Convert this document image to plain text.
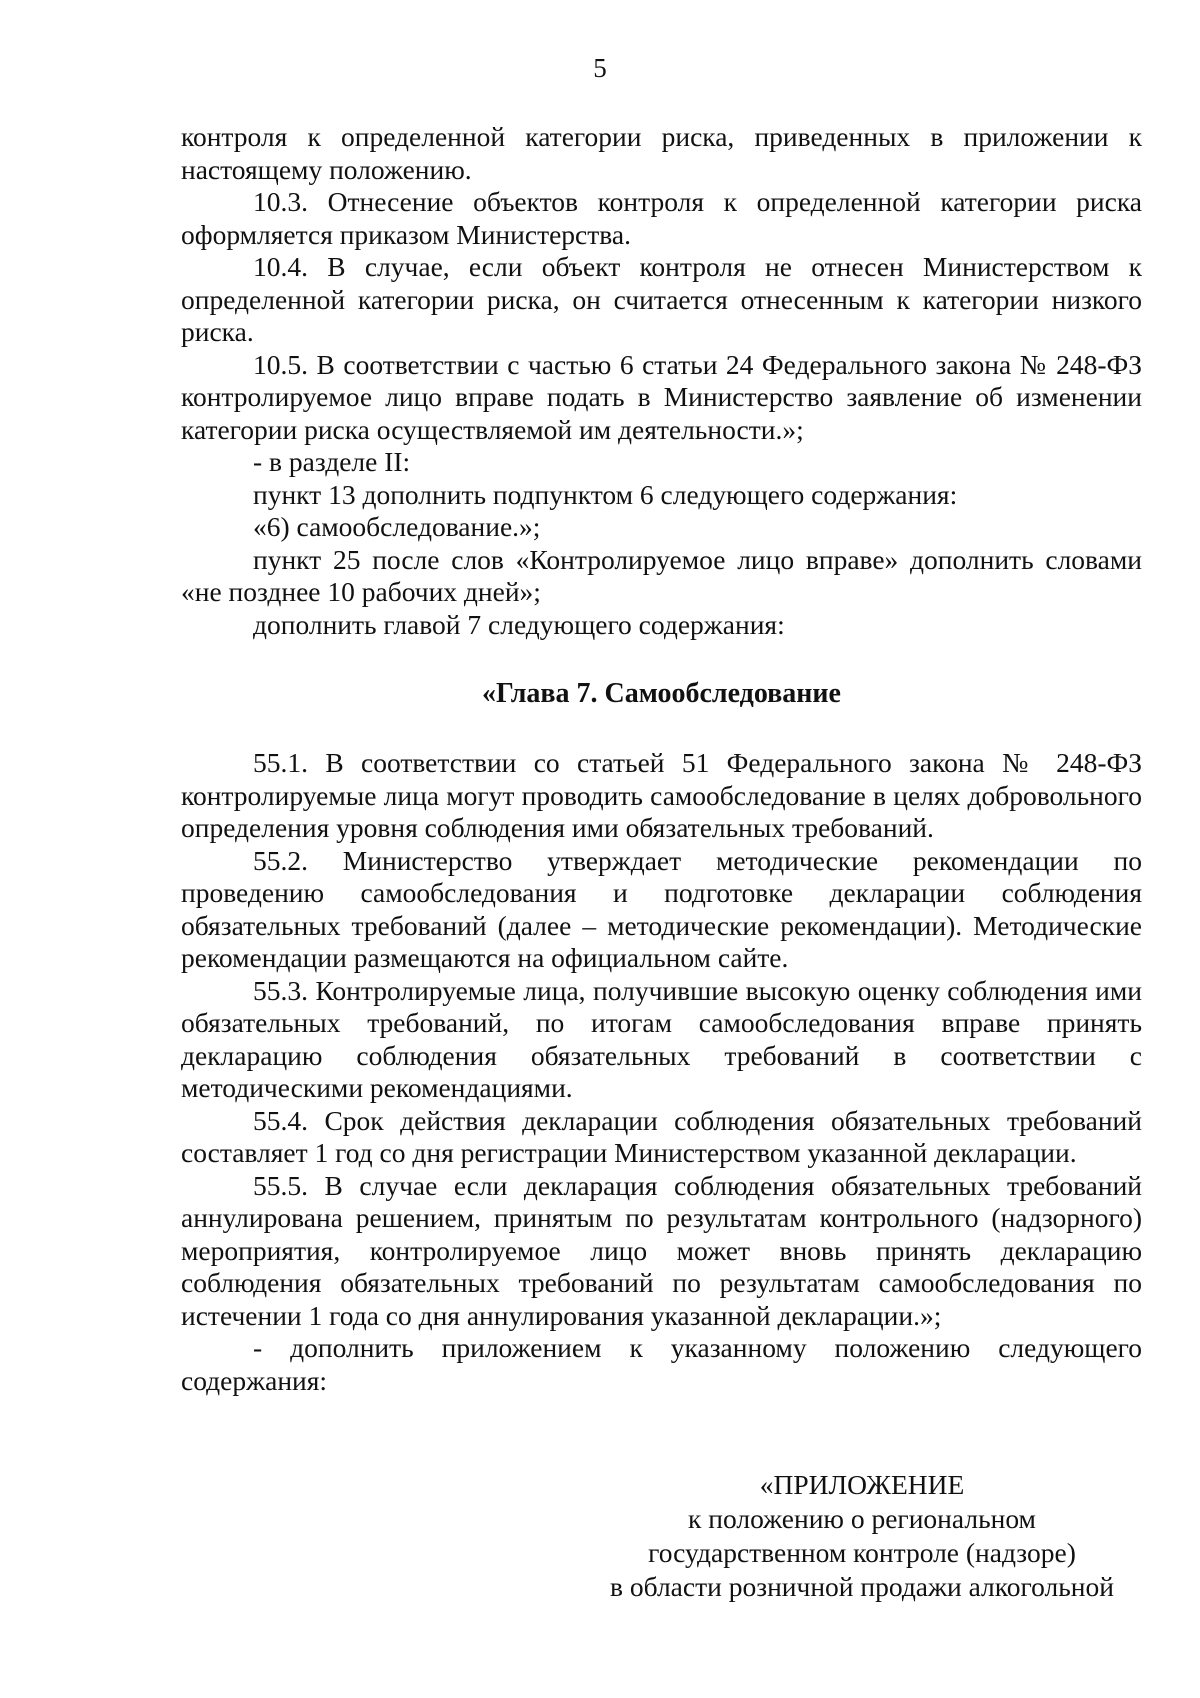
5

контроля к определенной категории риска, приведенных в приложении к настоящему положению.

10.3. Отнесение объектов контроля к определенной категории риска оформляется приказом Министерства.

10.4. В случае, если объект контроля не отнесен Министерством к определенной категории риска, он считается отнесенным к категории низкого риска.

10.5. В соответствии с частью 6 статьи 24 Федерального закона № 248-ФЗ контролируемое лицо вправе подать в Министерство заявление об изменении категории риска осуществляемой им деятельности.»;

- в разделе II:

пункт 13 дополнить подпунктом 6 следующего содержания:

«6) самообследование.»;

пункт 25 после слов «Контролируемое лицо вправе» дополнить словами «не позднее 10 рабочих дней»;

дополнить главой 7 следующего содержания:

«Глава 7. Самообследование

55.1. В соответствии со статьей 51 Федерального закона № 248-ФЗ контролируемые лица могут проводить самообследование в целях добровольного определения уровня соблюдения ими обязательных требований.

55.2. Министерство утверждает методические рекомендации по проведению самообследования и подготовке декларации соблюдения обязательных требований (далее – методические рекомендации). Методические рекомендации размещаются на официальном сайте.

55.3. Контролируемые лица, получившие высокую оценку соблюдения ими обязательных требований, по итогам самообследования вправе принять декларацию соблюдения обязательных требований в соответствии с методическими рекомендациями.

55.4. Срок действия декларации соблюдения обязательных требований составляет 1 год со дня регистрации Министерством указанной декларации.

55.5. В случае если декларация соблюдения обязательных требований аннулирована решением, принятым по результатам контрольного (надзорного) мероприятия, контролируемое лицо может вновь принять декларацию соблюдения обязательных требований по результатам самообследования по истечении 1 года со дня аннулирования указанной декларации.»;

- дополнить приложением к указанному положению следующего содержания:

«ПРИЛОЖЕНИЕ
к положению о региональном
государственном контроле (надзоре)
в области розничной продажи алкогольной
